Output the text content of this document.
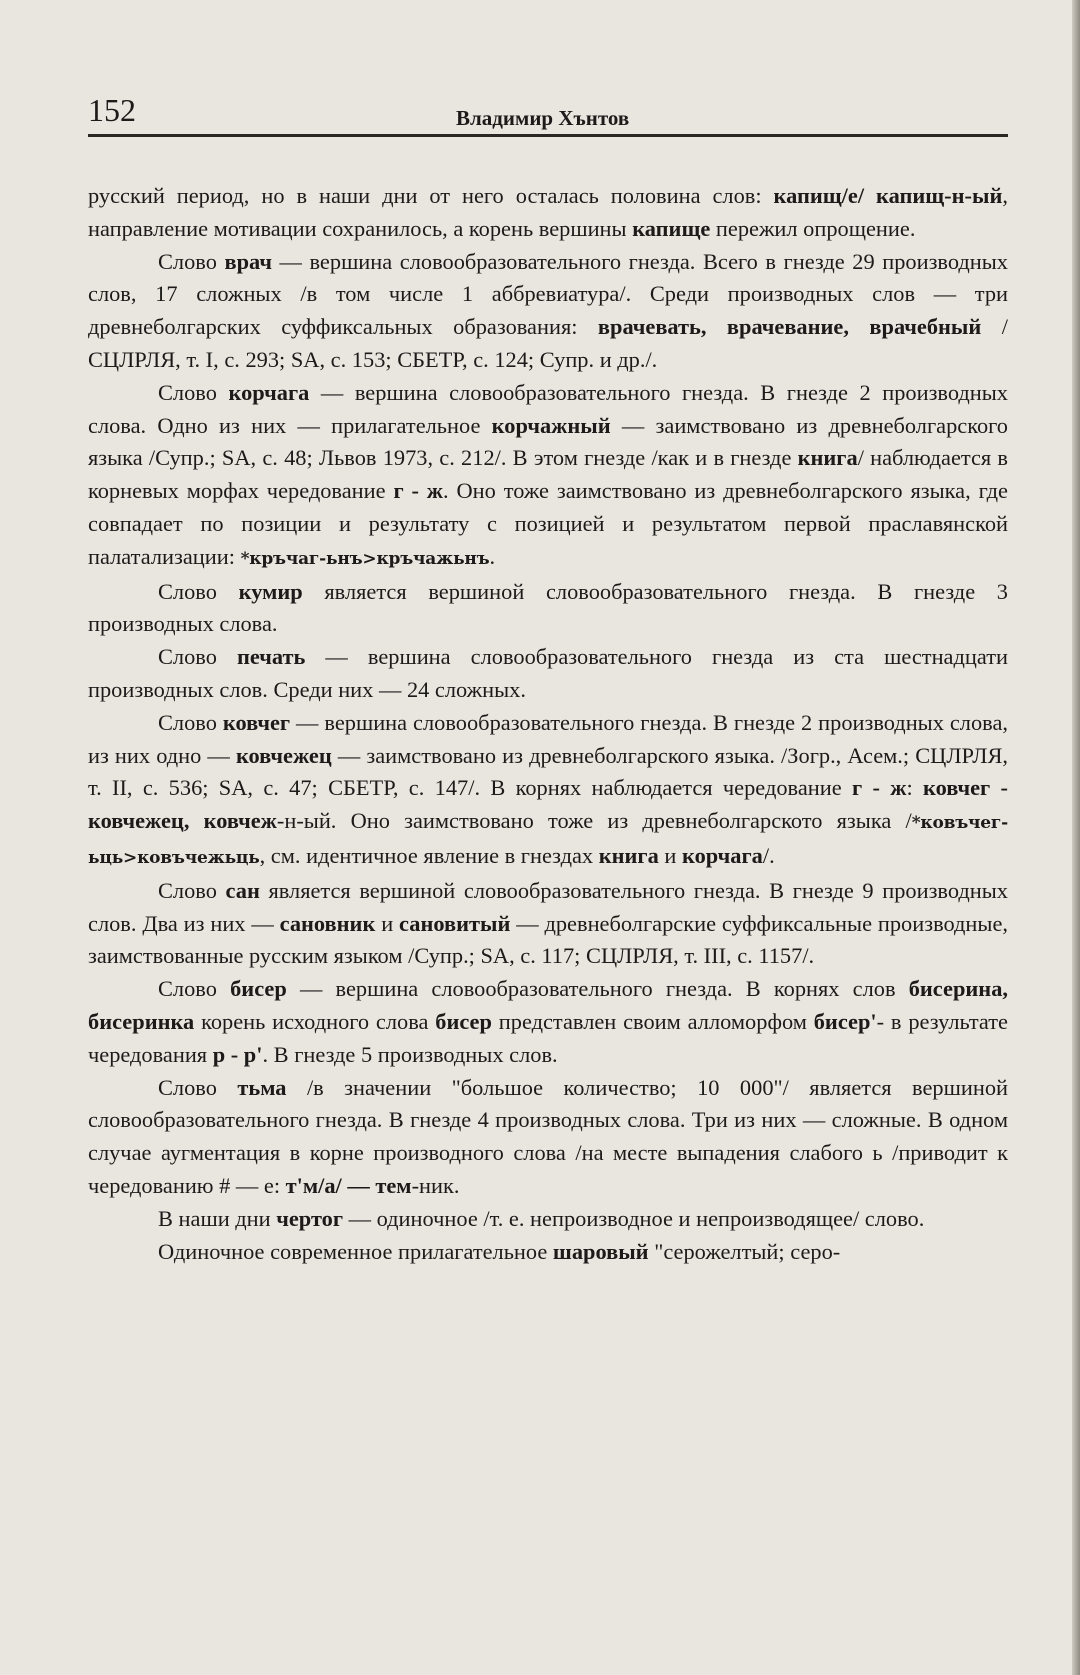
152	Владимир Хънтов

русский период, но в наши дни от него осталась половина слов: капищ/е/ капищ-н-ый, направление мотивации сохранилось, а корень вершины капище пережил опрощение.

Слово врач — вершина словообразовательного гнезда. Всего в гнезде 29 производных слов, 17 сложных /в том числе 1 аббревиатура/. Среди производных слов — три древнеболгарских суффиксальных образования: врачевать, врачевание, врачебный /СЦЛРЛЯ, т. I, с. 293; SA, с. 153; СБЕТР, с. 124; Супр. и др./.

Слово корчага — вершина словообразовательного гнезда. В гнезде 2 производных слова. Одно из них — прилагательное корчажный — заимствовано из древнеболгарского языка /Супр.; SA, с. 48; Львов 1973, с. 212/. В этом гнезде /как и в гнезде книга/ наблюдается в корневых морфах чередование г - ж. Оно тоже заимствовано из древнеболгарского языка, где совпадает по позиции и результату с позицией и результатом первой праславянской палатализации: *кръчаг-ьнъ>кръчажьнъ.

Слово кумир является вершиной словообразовательного гнезда. В гнезде 3 производных слова.

Слово печать — вершина словообразовательного гнезда из ста шестнадцати производных слов. Среди них — 24 сложных.

Слово ковчег — вершина словообразовательного гнезда. В гнезде 2 производных слова, из них одно — ковчежец — заимствовано из древнеболгарского языка. /Зогр., Асем.; СЦЛРЛЯ, т. II, с. 536; SA, с. 47; СБЕТР, с. 147/. В корнях наблюдается чередование г - ж: ковчег - ковчежец, ковчеж-н-ый. Оно заимствовано тоже из древнеболгарското языка /*ковъчег-ьць>ковъчежьць, см. идентичное явление в гнездах книга и корчага/.

Слово сан является вершиной словообразовательного гнезда. В гнезде 9 производных слов. Два из них — сановник и сановитый — древнеболгарские суффиксальные производные, заимствованные русским языком /Супр.; SA, с. 117; СЦЛРЛЯ, т. III, с. 1157/.

Слово бисер — вершина словообразовательного гнезда. В корнях слов бисерина, бисеринка корень исходного слова бисер представлен своим алломорфом бисер'- в результате чередования р - р'. В гнезде 5 производных слов.

Слово тьма /в значении "большое количество; 10 000"/ является вершиной словообразовательного гнезда. В гнезде 4 производных слова. Три из них — сложные. В одном случае аугментация в корне производного слова /на месте выпадения слабого ь /приводит к чередованию # — е: т'м/а/ — тем-ник.

В наши дни чертог — одиночное /т. е. непроизводное и непроизводящее/ слово.

Одиночное современное прилагательное шаровый "серожелтый; серо-
